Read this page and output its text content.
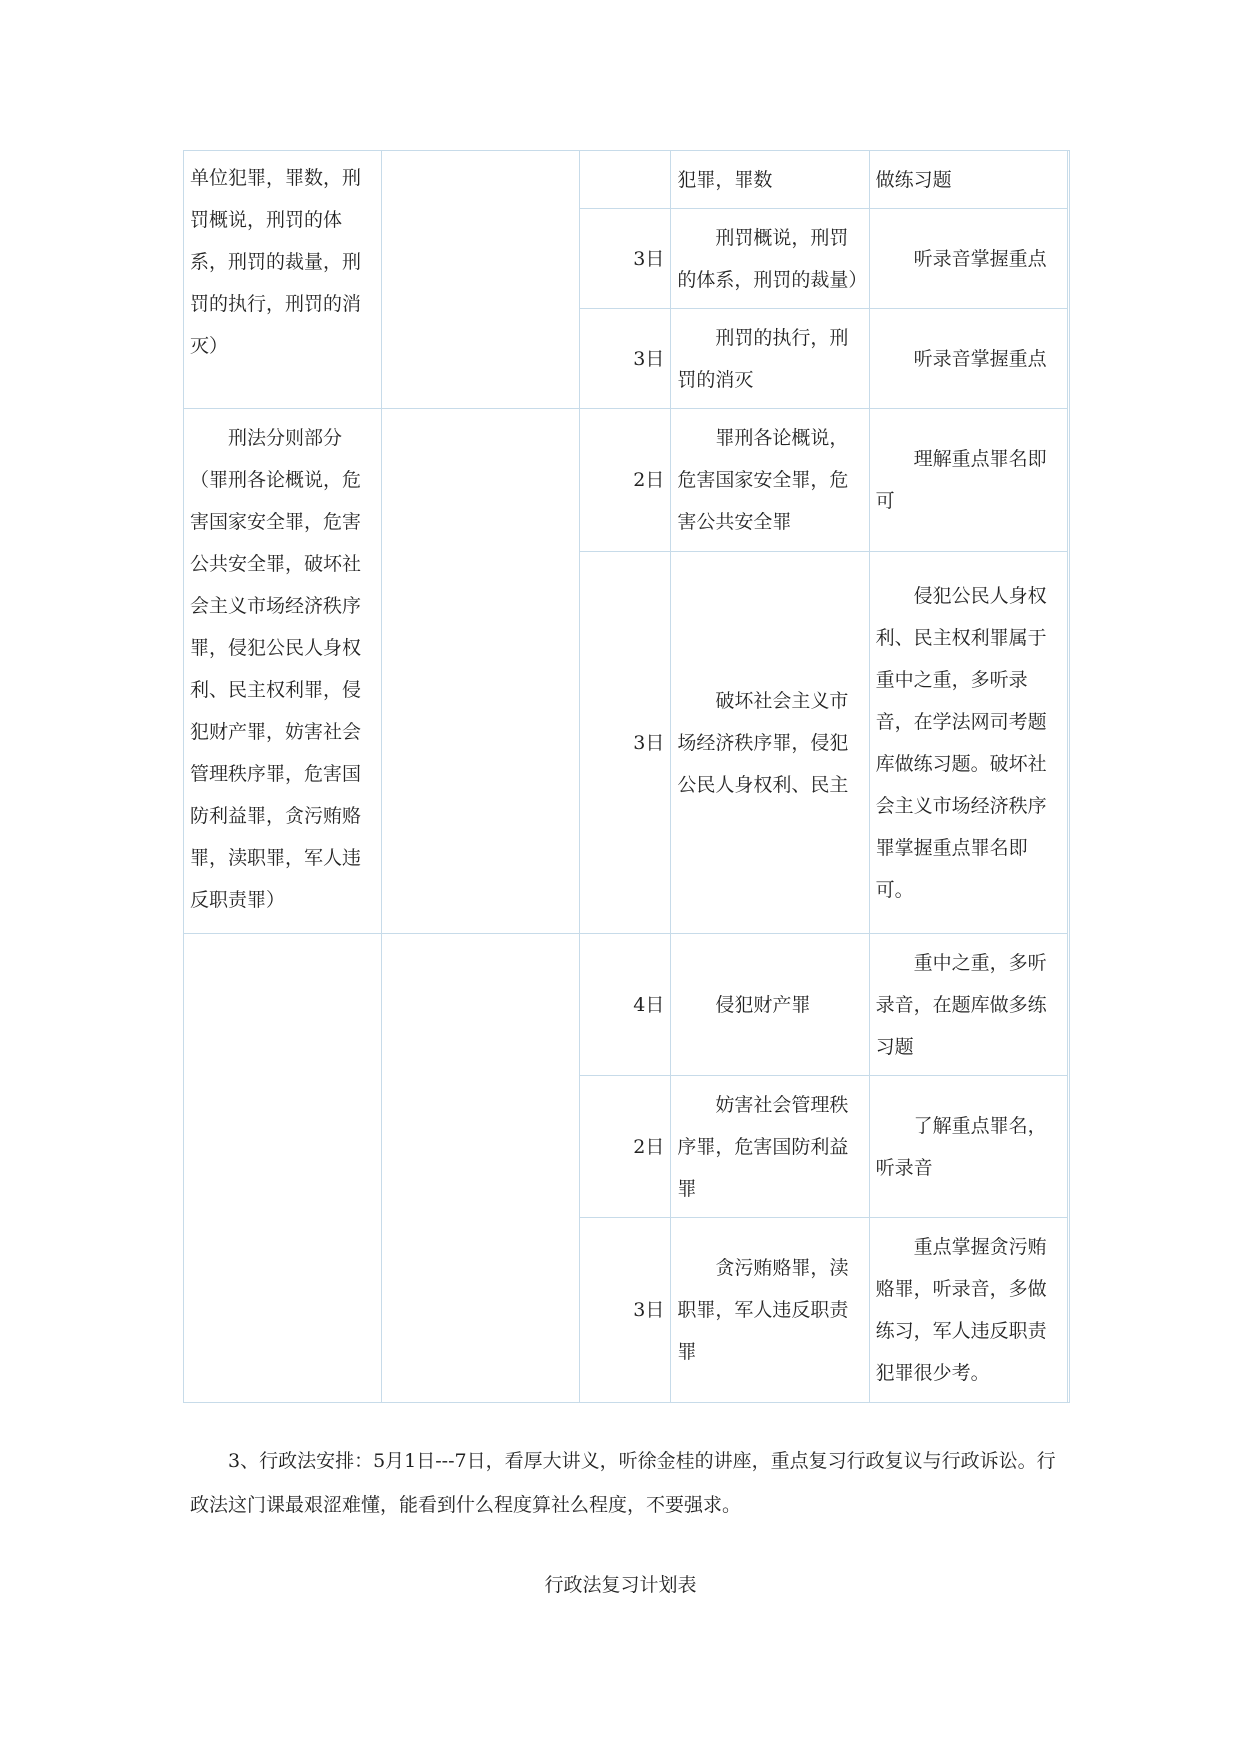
单位犯罪，罪数，刑罚概说，刑罚的体系，刑罚的裁量，刑罚的执行，刑罚的消灭）			犯罪，罪数	做练习题	
		3日	刑罚概说，刑罚的体系，刑罚的裁量）	听录音掌握重点	
		3日	刑罚的执行，刑罚的消灭	听录音掌握重点	
刑法分则部分（罪刑各论概说，危害国家安全罪，危害公共安全罪，破坏社会主义市场经济秩序罪，侵犯公民人身权利、民主权利罪，侵犯财产罪，妨害社会管理秩序罪，危害国防利益罪，贪污贿赂罪，渎职罪，军人违反职责罪）		2日	罪刑各论概说，危害国家安全罪，危害公共安全罪	理解重点罪名即可	
		3日	破坏社会主义市场经济秩序罪，侵犯公民人身权利、民主	侵犯公民人身权利、民主权利罪属于重中之重，多听录音，在学法网司考题库做练习题。破坏社会主义市场经济秩序罪掌握重点罪名即可。	
		4日	侵犯财产罪	重中之重，多听录音，在题库做多练习题	
		2日	妨害社会管理秩序罪，危害国防利益罪	了解重点罪名，听录音	
		3日	贪污贿赂罪，渎职罪，军人违反职责罪	重点掌握贪污贿赂罪，听录音，多做练习，军人违反职责犯罪很少考。	

3、行政法安排：5月1日---7日，看厚大讲义，听徐金桂的讲座，重点复习行政复议与行政诉讼。行政法这门课最艰涩难懂，能看到什么程度算社么程度，不要强求。

行政法复习计划表
